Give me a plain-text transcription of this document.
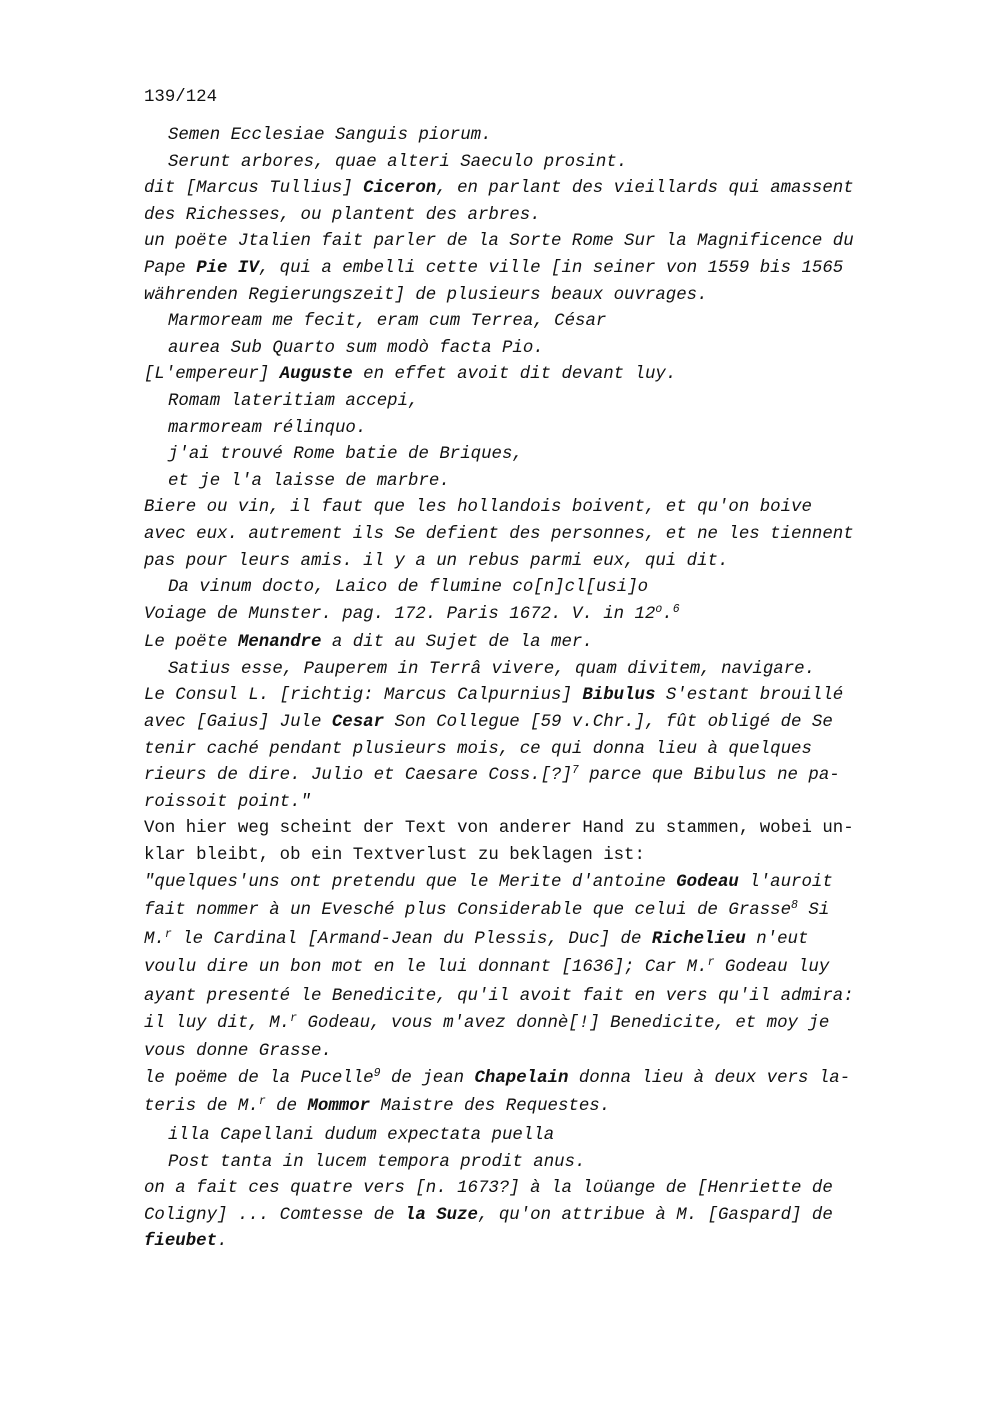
139/124
Semen Ecclesiae Sanguis piorum.
Serunt arbores, quae alteri Saeculo prosint.
dit [Marcus Tullius] Ciceron, en parlant des vieillards qui amassent
des Richesses, ou plantent des arbres.
un poëte Jtalien fait parler de la Sorte Rome Sur la Magnificence du
Pape Pie IV, qui a embelli cette ville [in seiner von 1559 bis 1565
währenden Regierungszeit] de plusieurs beaux ouvrages.
Marmoream me fecit, eram cum Terrea, César
aurea Sub Quarto sum modò facta Pio.
[L'empereur] Auguste en effet avoit dit devant luy.
Romam lateritiam accepi,
marmoream rélinquo.
j'ai trouvé Rome batie de Briques,
et je l'a laisse de marbre.
Biere ou vin, il faut que les hollandois boivent, et qu'on boive
avec eux. autrement ils Se defient des personnes, et ne les tiennent
pas pour leurs amis. il y a un rebus parmi eux, qui dit.
Da vinum docto, Laico de flumine co[n]cl[usi]o
Voiage de Munster. pag. 172. Paris 1672. V. in 12$^o$.$^6$
Le poëte Menandre a dit au Sujet de la mer.
Satius esse, Pauperem in Terrâ vivere, quam divitem, navigare.
Le Consul L. [richtig: Marcus Calpurnius] Bibulus S'estant brouillé
avec [Gaius] Jule Cesar Son Collegue [59 v.Chr.], fût obligé de Se
tenir caché pendant plusieurs mois, ce qui donna lieu à quelques
rieurs de dire. Julio et Caesare Coss.[?]$^7$ parce que Bibulus ne pa-
roissoit point."
Von hier weg scheint der Text von anderer Hand zu stammen, wobei un-
klar bleibt, ob ein Textverlust zu beklagen ist:
"quelques'uns ont pretendu que le Merite d'antoine Godeau l'auroit
fait nommer à un Evesché plus Considerable que celui de Grasse$^8$ Si
M.$^r$ le Cardinal [Armand-Jean du Plessis, Duc] de Richelieu n'eut
voulu dire un bon mot en le lui donnant [1636]; Car M.$^r$ Godeau luy
ayant presenté le Benedicite, qu'il avoit fait en vers qu'il admira:
il luy dit, M.$^r$ Godeau, vous m'avez donnè[!] Benedicite, et moy je
vous donne Grasse.
le poëme de la Pucelle$^9$ de jean Chapelain donna lieu à deux vers la-
teris de M.$^r$ de Mommor Maistre des Requestes.
illa Capellani dudum expectata puella
Post tanta in lucem tempora prodit anus.
on a fait ces quatre vers [n. 1673?] à la loüange de [Henriette de
Coligny] ... Comtesse de la Suze, qu'on attribue à M. [Gaspard] de
fieubet.
